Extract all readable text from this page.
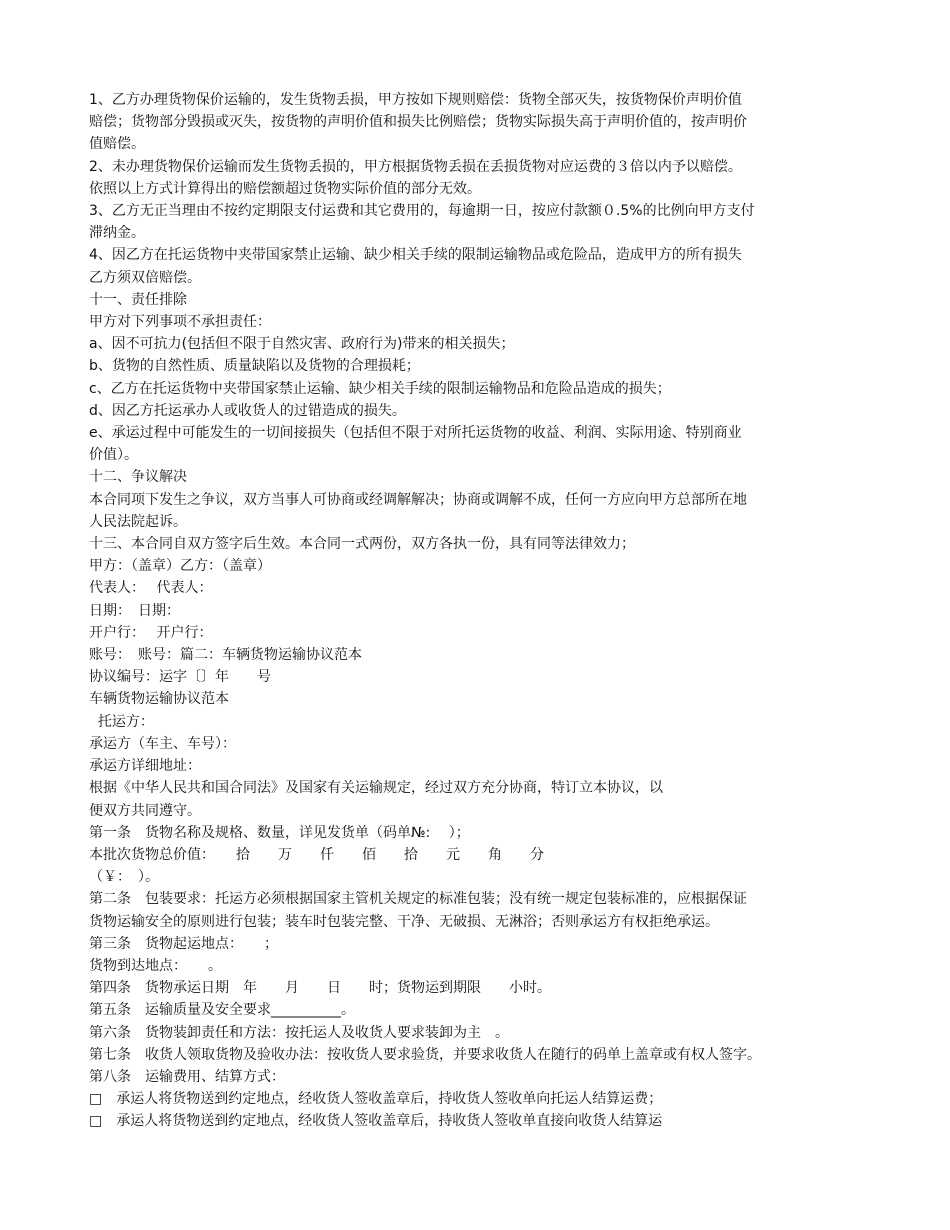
1、乙方办理货物保价运输的，发生货物丢损，甲方按如下规则赔偿：货物全部灭失，按货物保价声明价值
赔偿；货物部分毁损或灭失，按货物的声明价值和损失比例赔偿；货物实际损失高于声明价值的，按声明价
值赔偿。
2、未办理货物保价运输而发生货物丢损的，甲方根据货物丢损在丢损货物对应运费的３倍以内予以赔偿。
依照以上方式计算得出的赔偿额超过货物实际价值的部分无效。
3、乙方无正当理由不按约定期限支付运费和其它费用的，每逾期一日，按应付款额０.5%的比例向甲方支付
滞纳金。
4、因乙方在托运货物中夹带国家禁止运输、缺少相关手续的限制运输物品或危险品，造成甲方的所有损失
乙方须双倍赔偿。
十一、责任排除
甲方对下列事项不承担责任：
a、因不可抗力(包括但不限于自然灾害、政府行为)带来的相关损失；
b、货物的自然性质、质量缺陷以及货物的合理损耗；
c、乙方在托运货物中夹带国家禁止运输、缺少相关手续的限制运输物品和危险品造成的损失；
d、因乙方托运承办人或收货人的过错造成的损失。
e、承运过程中可能发生的一切间接损失（包括但不限于对所托运货物的收益、利润、实际用途、特别商业
价值）。
十二、争议解决
本合同项下发生之争议，双方当事人可协商或经调解解决；协商或调解不成，任何一方应向甲方总部所在地
人民法院起诉。
十三、本合同自双方签字后生效。本合同一式两份，双方各执一份，具有同等法律效力；
甲方：（盖章）乙方：（盖章）
代表人：　 代表人：
日期：　日期：
开户行：　 开户行：
账号：　账号：篇二：车辆货物运输协议范本
协议编号：运字〔〕年　　号
车辆货物运输协议范本
托运方：
承运方（车主、车号）：
承运方详细地址：
根据《中华人民共和国合同法》及国家有关运输规定，经过双方充分协商，特订立本协议，以
便双方共同遵守。
第一条　货物名称及规格、数量，详见发货单（码单№:　 ）；
本批次货物总价值：　　拾　　万　　仟　　佰　　拾　　元　　角　　分
（￥：　）。
第二条　包装要求：托运方必须根据国家主管机关规定的标准包装；没有统一规定包装标准的，应根据保证
货物运输安全的原则进行包装；装车时包装完整、干净、无破损、无淋浴；否则承运方有权拒绝承运。
第三条　货物起运地点：　　；
货物到达地点：　　。
第四条　货物承运日期　年　　月　　日　　时；货物运到期限　　小时。
第五条　运输质量及安全要求__________。
第六条　货物装卸责任和方法：按托运人及收货人要求装卸为主　。
第七条　收货人领取货物及验收办法：按收货人要求验货，并要求收货人在随行的码单上盖章或有权人签字。
第八条　运输费用、结算方式：
□　承运人将货物送到约定地点，经收货人签收盖章后，持收货人签收单向托运人结算运费；
□　承运人将货物送到约定地点，经收货人签收盖章后，持收货人签收单直接向收货人结算运
